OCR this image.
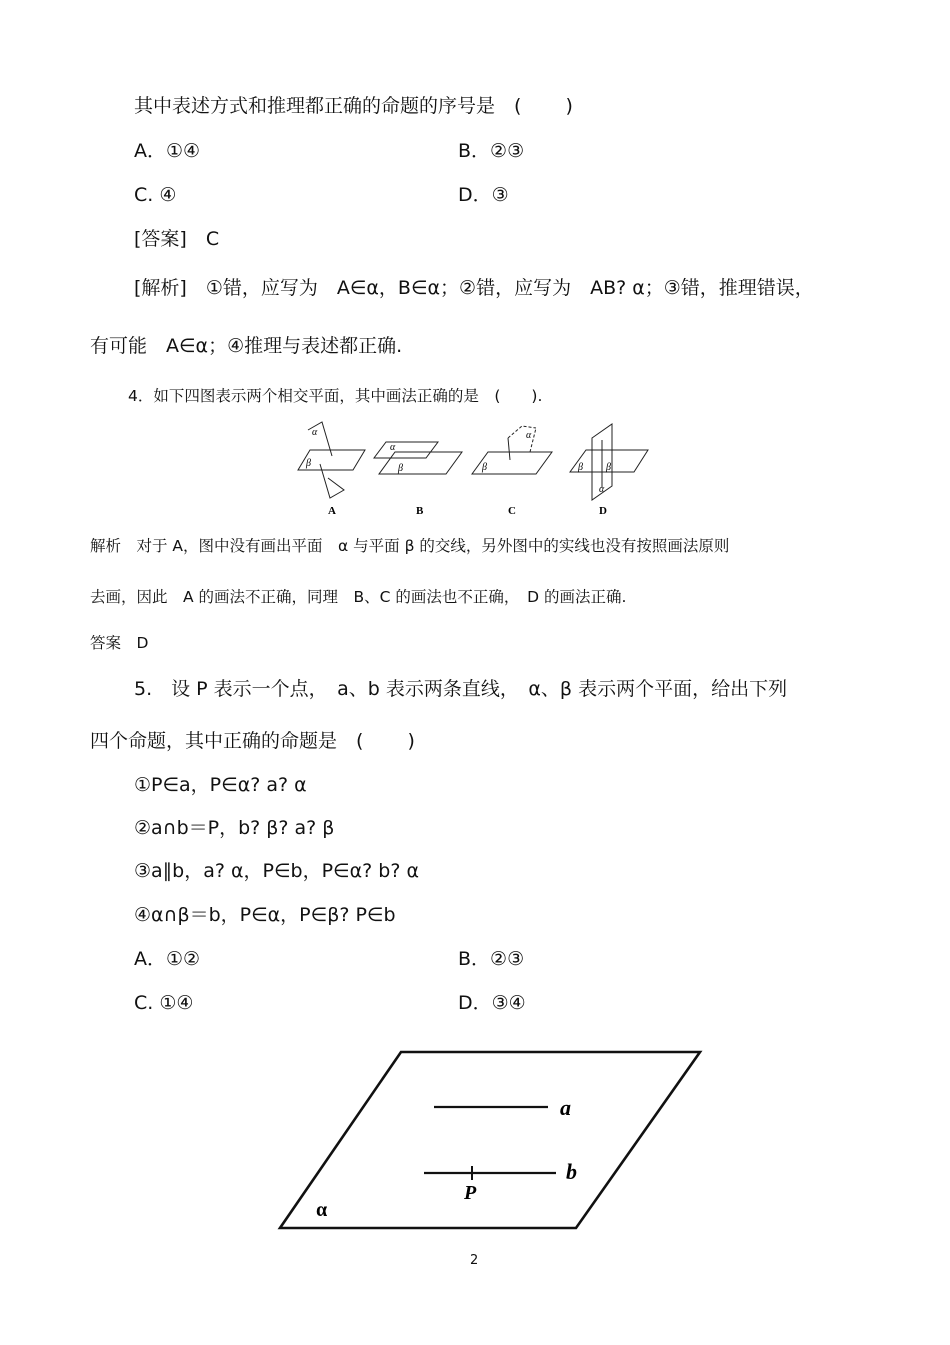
其中表述方式和推理都正确的命题的序号是　( 　　)
A．①④	B．②③
C. ④	D．③
[答案]　C
[解析]　①错，应写为　A∈α，B∈α；②错，应写为　AB? α；③错，推理错误，
有可能　A∈α；④推理与表述都正确.
4．如下四图表示两个相交平面，其中画法正确的是　(　　).
α
β
α
β
α
β
α
β β
A	B	C	D
解析　对于 A，图中没有画出平面　α 与平面 β 的交线，另外图中的实线也没有按照画法原则
去画，因此　A 的画法不正确，同理　B、C 的画法也不正确，　D 的画法正确.
答案　D
5.　设 P 表示一个点，　a、b 表示两条直线，　α、β 表示两个平面，给出下列
四个命题，其中正确的命题是　( 　　)
①P∈a，P∈α? a? α
②a∩b＝P，b? β? a? β
③a∥b，a? α，P∈b，P∈α? b? α
④α∩β＝b，P∈α，P∈β? P∈b
A．①②	B．②③
C. ①④	D．③④
a
b
P
α
2
